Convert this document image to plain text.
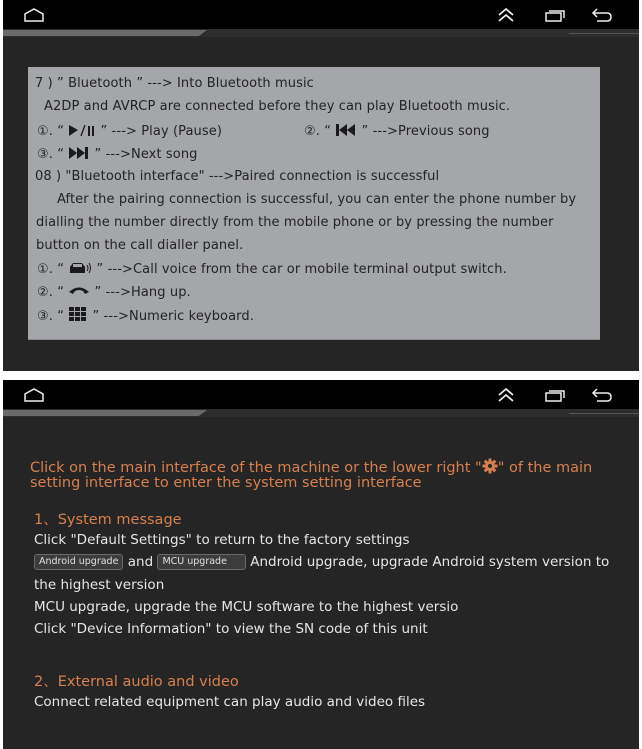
7 ) ” Bluetooth ” ---> Into Bluetooth music
A2DP and AVRCP are connected before they can play Bluetooth music.
①. “	” ---> Play (Pause)	②. “ ” --->Previous song
③. “ ” --->Next song
08 ) "Bluetooth interface" --->Paired connection is successful
After the pairing connection is successful, you can enter the phone number by
dialling the number directly from the mobile phone or by pressing the number
button on the call dialler panel.
①. “ ” --->Call voice from the car or mobile terminal output switch.
②. “ ” --->Hang up.
③. “ ” --->Numeric keyboard.
Click on the main interface of the machine or the lower right " " of the main setting interface to enter the system setting interface
1、System message
Click "Default Settings" to return to the factory settings
Android upgrade and MCU upgrade Android upgrade, upgrade Android system version to
the highest version
MCU upgrade, upgrade the MCU software to the highest versio
Click "Device Information" to view the SN code of this unit
2、External audio and video
Connect related equipment can play audio and video files
